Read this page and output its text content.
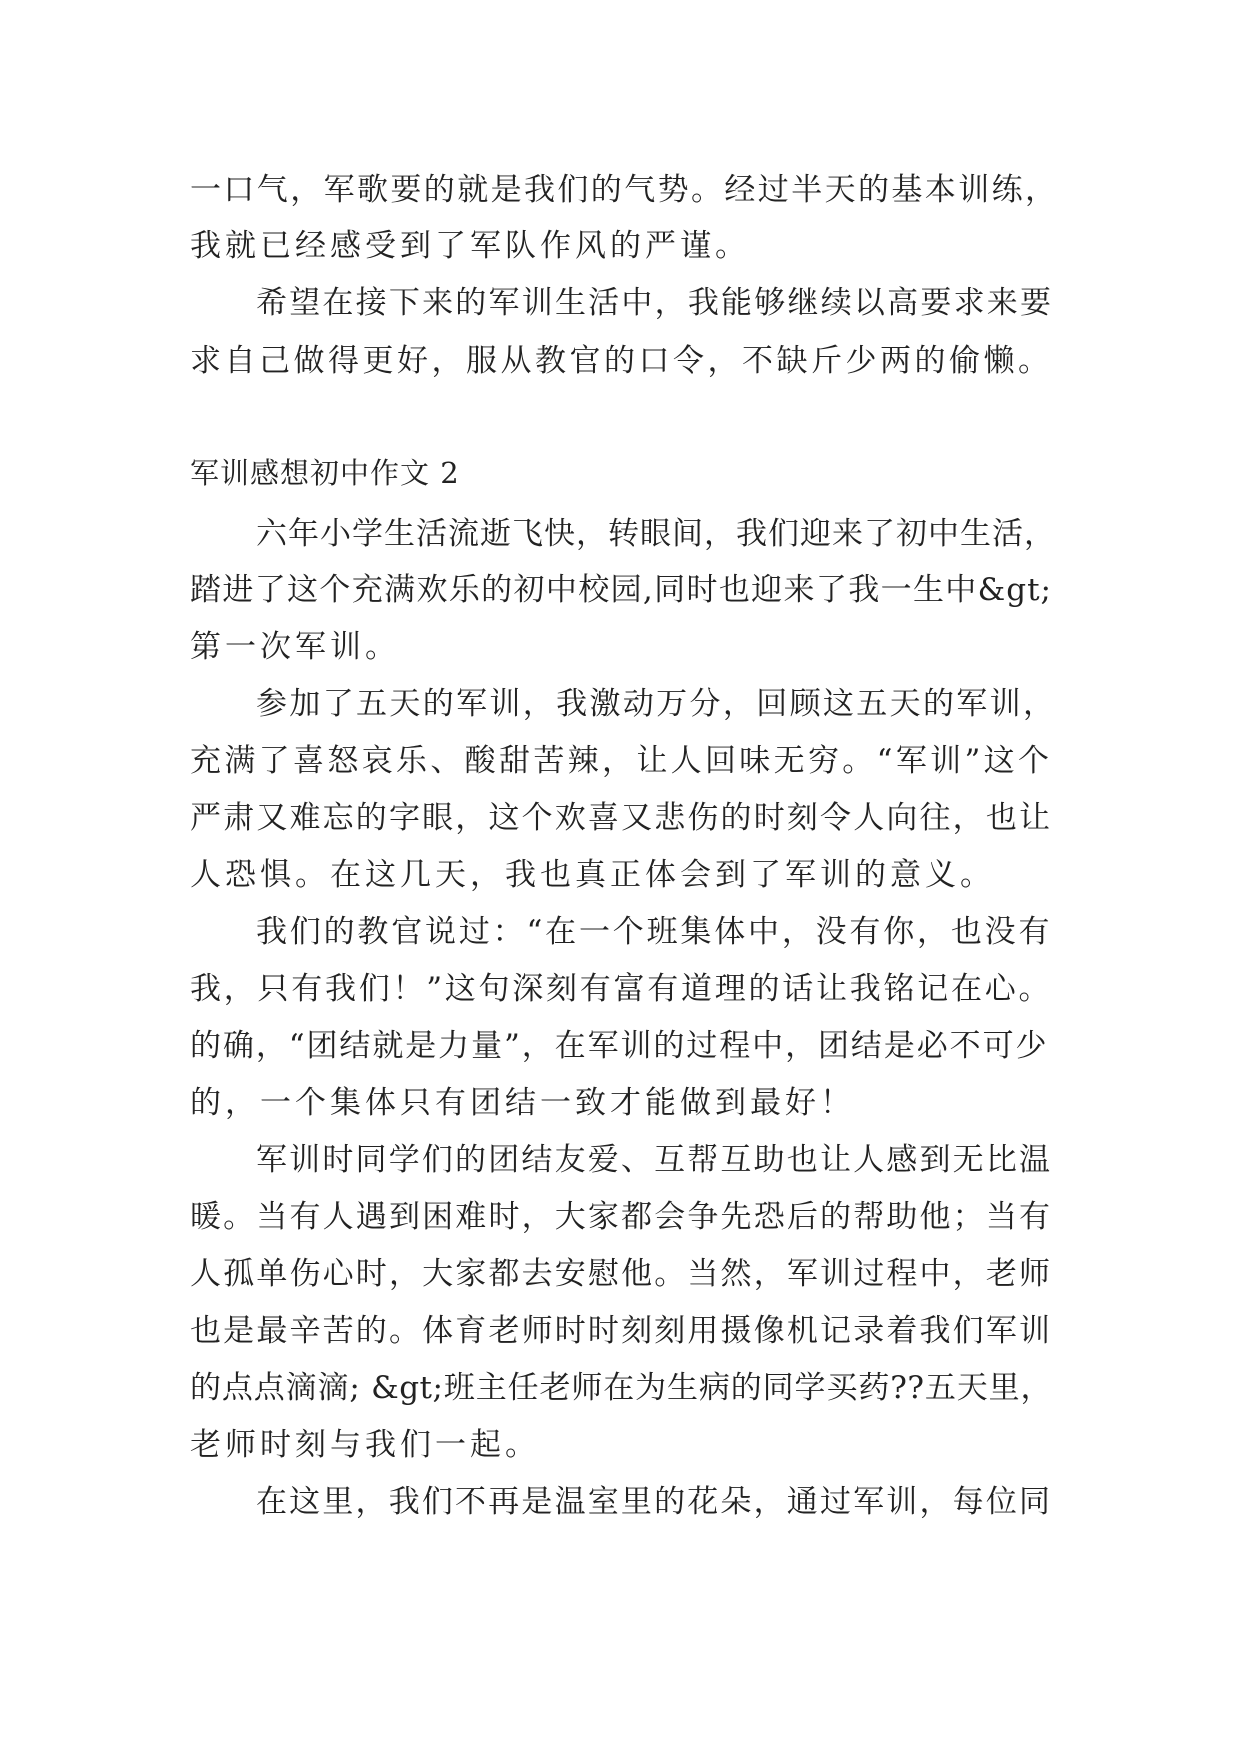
一口气，军歌要的就是我们的气势。经过半天的基本训练，
我就已经感受到了军队作风的严谨。
希望在接下来的军训生活中，我能够继续以高要求来要
求自己做得更好，服从教官的口令，不缺斤少两的偷懒。
军训感想初中作文 2
六年小学生活流逝飞快，转眼间，我们迎来了初中生活，
踏进了这个充满欢乐的初中校园,同时也迎来了我一生中&gt;
第一次军训。
参加了五天的军训，我激动万分，回顾这五天的军训，
充满了喜怒哀乐、酸甜苦辣，让人回味无穷。“军训”这个
严肃又难忘的字眼，这个欢喜又悲伤的时刻令人向往，也让
人恐惧。在这几天，我也真正体会到了军训的意义。
我们的教官说过：“在一个班集体中，没有你，也没有
我，只有我们！”这句深刻有富有道理的话让我铭记在心。
的确，“团结就是力量”，在军训的过程中，团结是必不可少
的，一个集体只有团结一致才能做到最好！
军训时同学们的团结友爱、互帮互助也让人感到无比温
暖。当有人遇到困难时，大家都会争先恐后的帮助他；当有
人孤单伤心时，大家都去安慰他。当然，军训过程中，老师
也是最辛苦的。体育老师时时刻刻用摄像机记录着我们军训
的点点滴滴; &gt;班主任老师在为生病的同学买药??五天里，
老师时刻与我们一起。
在这里，我们不再是温室里的花朵，通过军训，每位同
